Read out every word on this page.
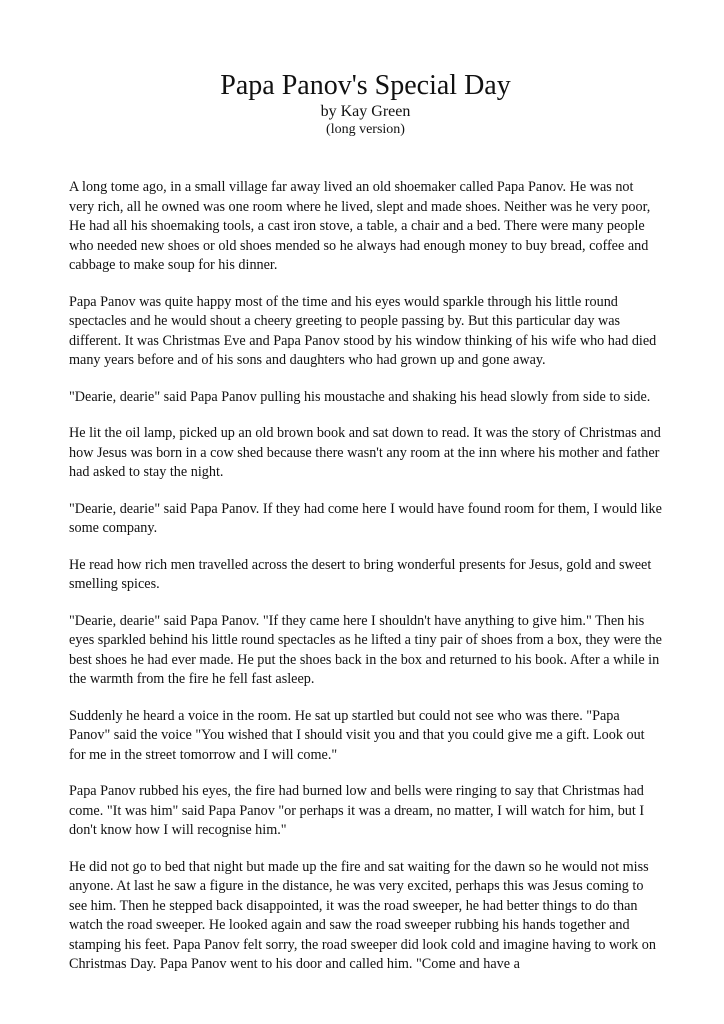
Papa Panov's Special Day
by Kay Green
(long version)

A long tome ago, in a small village far away lived an old shoemaker called Papa Panov. He was not very rich, all he owned was one room where he lived, slept and made shoes. Neither was he very poor, He had all his shoemaking tools, a cast iron stove, a table, a chair and a bed. There were many people who needed new shoes or old shoes mended so he always had enough money to buy bread, coffee and cabbage to make soup for his dinner.

Papa Panov was quite happy most of the time and his eyes would sparkle through his little round spectacles and he would shout a cheery greeting to people passing by. But this particular day was different. It was Christmas Eve and Papa Panov stood by his window thinking of his wife who had died many years before and of his sons and daughters who had grown up and gone away.

"Dearie, dearie" said Papa Panov pulling his moustache and shaking his head slowly from side to side.

He lit the oil lamp, picked up an old brown book and sat down to read. It was the story of Christmas and how Jesus was born in a cow shed because there wasn't any room at the inn where his mother and father had asked to stay the night.

"Dearie, dearie" said Papa Panov. If they had come here I would have found room for them, I would like some company.

He read how rich men travelled across the desert to bring wonderful presents for Jesus, gold and sweet smelling spices.

"Dearie, dearie" said Papa Panov. "If they came here I shouldn't have anything to give him." Then his eyes sparkled behind his little round spectacles as he lifted a tiny pair of shoes from a box, they were the best shoes he had ever made. He put the shoes back in the box and returned to his book. After a while in the warmth from the fire he fell fast asleep.

Suddenly he heard a voice in the room. He sat up startled but could not see who was there. "Papa Panov" said the voice "You wished that I should visit you and that you could give me a gift. Look out for me in the street tomorrow and I will come."

Papa Panov rubbed his eyes, the fire had burned low and bells were ringing to say that Christmas had come. "It was him" said Papa Panov "or perhaps it was a dream, no matter, I will watch for him, but I don't know how I will recognise him."

He did not go to bed that night but made up the fire and sat waiting for the dawn so he would not miss anyone. At last he saw a figure in the distance, he was very excited, perhaps this was Jesus coming to see him. Then he stepped back disappointed, it was the road sweeper, he had better things to do than watch the road sweeper. He looked again and saw the road sweeper rubbing his hands together and stamping his feet. Papa Panov felt sorry, the road sweeper did look cold and imagine having to work on Christmas Day. Papa Panov went to his door and called him. "Come and have a
